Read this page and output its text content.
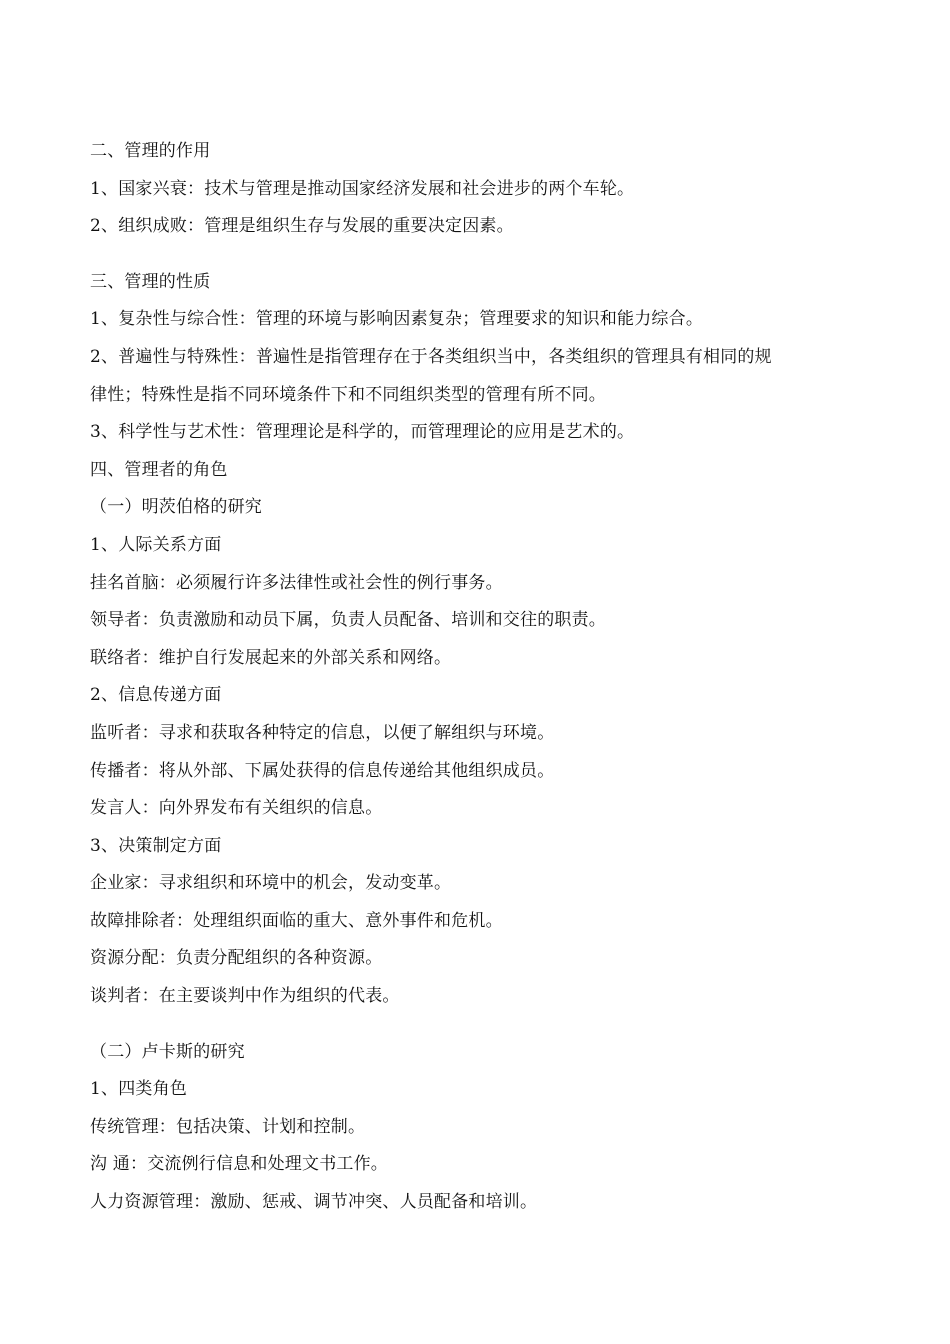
二、管理的作用
1、国家兴衰：技术与管理是推动国家经济发展和社会进步的两个车轮。
2、组织成败：管理是组织生存与发展的重要决定因素。
三、管理的性质
1、复杂性与综合性：管理的环境与影响因素复杂；管理要求的知识和能力综合。
2、普遍性与特殊性：普遍性是指管理存在于各类组织当中，各类组织的管理具有相同的规
律性；特殊性是指不同环境条件下和不同组织类型的管理有所不同。
3、科学性与艺术性：管理理论是科学的，而管理理论的应用是艺术的。
四、管理者的角色
（一）明茨伯格的研究
1、人际关系方面
挂名首脑：必须履行许多法律性或社会性的例行事务。
领导者：负责激励和动员下属，负责人员配备、培训和交往的职责。
联络者：维护自行发展起来的外部关系和网络。
2、信息传递方面
监听者：寻求和获取各种特定的信息，以便了解组织与环境。
传播者：将从外部、下属处获得的信息传递给其他组织成员。
发言人：向外界发布有关组织的信息。
3、决策制定方面
企业家：寻求组织和环境中的机会，发动变革。
故障排除者：处理组织面临的重大、意外事件和危机。
资源分配：负责分配组织的各种资源。
谈判者：在主要谈判中作为组织的代表。
（二）卢卡斯的研究
1、四类角色
传统管理：包括决策、计划和控制。
沟 通：交流例行信息和处理文书工作。
人力资源管理：激励、惩戒、调节冲突、人员配备和培训。
